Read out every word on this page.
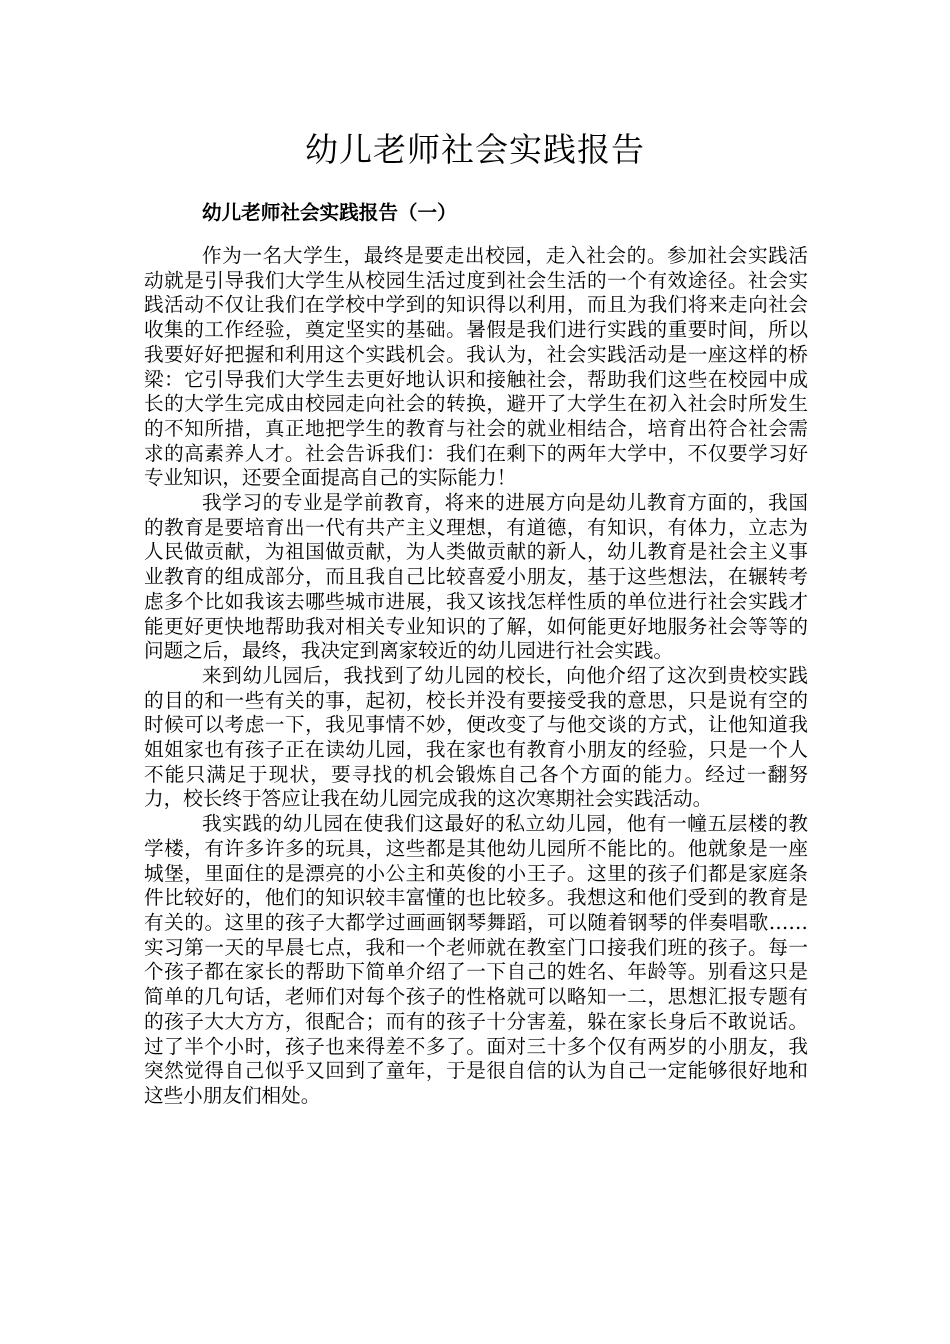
幼儿老师社会实践报告
幼儿老师社会实践报告（一）

作为一名大学生，最终是要走出校园，走入社会的。参加社会实践活动就是引导我们大学生从校园生活过度到社会生活的一个有效途径。社会实践活动不仅让我们在学校中学到的知识得以利用，而且为我们将来走向社会收集的工作经验，奠定坚实的基础。暑假是我们进行实践的重要时间，所以我要好好把握和利用这个实践机会。我认为，社会实践活动是一座这样的桥梁：它引导我们大学生去更好地认识和接触社会，帮助我们这些在校园中成长的大学生完成由校园走向社会的转换，避开了大学生在初入社会时所发生的不知所措，真正地把学生的教育与社会的就业相结合，培育出符合社会需求的高素养人才。社会告诉我们：我们在剩下的两年大学中，不仅要学习好专业知识，还要全面提高自己的实际能力！

我学习的专业是学前教育，将来的进展方向是幼儿教育方面的，我国的教育是要培育出一代有共产主义理想，有道德，有知识，有体力，立志为人民做贡献，为祖国做贡献，为人类做贡献的新人，幼儿教育是社会主义事业教育的组成部分，而且我自己比较喜爱小朋友，基于这些想法，在辗转考虑多个比如我该去哪些城市进展，我又该找怎样性质的单位进行社会实践才能更好更快地帮助我对相关专业知识的了解，如何能更好地服务社会等等的问题之后，最终，我决定到离家较近的幼儿园进行社会实践。

来到幼儿园后，我找到了幼儿园的校长，向他介绍了这次到贵校实践的目的和一些有关的事，起初，校长并没有要接受我的意思，只是说有空的时候可以考虑一下，我见事情不妙，便改变了与他交谈的方式，让他知道我姐姐家也有孩子正在读幼儿园，我在家也有教育小朋友的经验，只是一个人不能只满足于现状，要寻找的机会锻炼自己各个方面的能力。经过一翻努力，校长终于答应让我在幼儿园完成我的这次寒期社会实践活动。

我实践的幼儿园在使我们这最好的私立幼儿园，他有一幢五层楼的教学楼，有许多许多的玩具，这些都是其他幼儿园所不能比的。他就象是一座城堡，里面住的是漂亮的小公主和英俊的小王子。这里的孩子们都是家庭条件比较好的，他们的知识较丰富懂的也比较多。我想这和他们受到的教育是有关的。这里的孩子大都学过画画钢琴舞蹈，可以随着钢琴的伴奏唱歌……实习第一天的早晨七点，我和一个老师就在教室门口接我们班的孩子。每一个孩子都在家长的帮助下简单介绍了一下自己的姓名、年龄等。别看这只是简单的几句话，老师们对每个孩子的性格就可以略知一二，思想汇报专题有的孩子大大方方，很配合；而有的孩子十分害羞，躲在家长身后不敢说话。过了半个小时，孩子也来得差不多了。面对三十多个仅有两岁的小朋友，我突然觉得自己似乎又回到了童年，于是很自信的认为自己一定能够很好地和这些小朋友们相处。
